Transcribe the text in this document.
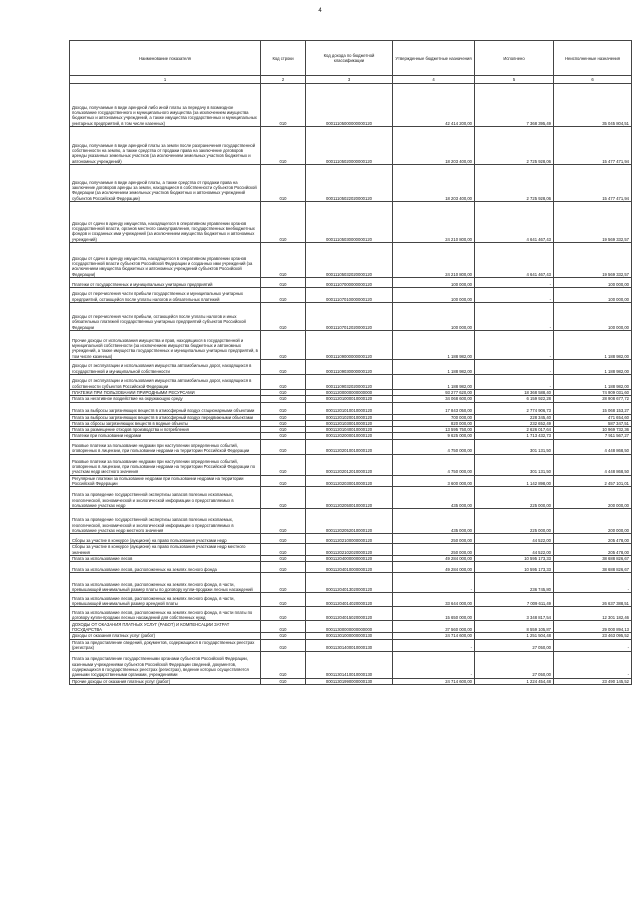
4
Наименование показателя	Код строки	Код дохода по бюджетной классификации	Утвержденные бюджетные назначения	Исполнено	Неисполненные назначения
1	2	3	4	5	6
Доходы, получаемые в виде арендной либо иной платы за передачу в возмездное пользование государственного и муниципального имущества (за исключением имущества бюджетных и автономных учреждений, а также имущества государственных и муниципальных унитарных предприятий, в том числе казенных)	010	00011105000000000120	42 414 200,00	7 368 395,49	35 045 804,51
Доходы, получаемые в виде арендной платы за земли после разграничения государственной собственности на землю, а также средства от продажи права на заключение договоров аренды указанных земельных участков (за исключением земельных участков бюджетных и автономных учреждений)	010	00011105020000000120	18 203 400,00	2 725 928,06	15 477 471,94
Доходы, получаемые в виде арендной платы, а также средства от продажи права на заключение договоров аренды за земли, находящиеся в собственности субъектов Российской Федерации (за исключением земельных участков бюджетных и автономных учреждений субъектов Российской Федерации)	010	00011105022020000120	18 203 400,00	2 725 928,06	15 477 471,94
Доходы от сдачи в аренду имущества, находящегося в оперативном управлении органов государственной власти, органов местного самоуправления, государственных внебюджетных фондов и созданных ими учреждений (за исключением имущества бюджетных и автономных учреждений)	010	00011105030000000120	24 210 800,00	4 641 467,43	19 569 332,57
Доходы от сдачи в аренду имущества, находящегося в оперативном управлении органов государственной власти субъектов Российской Федерации и созданных ими учреждений (за исключением имущества бюджетных и автономных учреждений субъектов Российской Федерации)	010	00011105032020000120	24 210 800,00	4 641 467,43	19 569 332,57
Платежи от государственных и муниципальных унитарных предприятий	010	00011107000000000120	100 000,00	-	100 000,00
Доходы от перечисления части прибыли государственных и муниципальных унитарных предприятий, остающейся после уплаты налогов и обязательных платежей	010	00011107010000000120	100 000,00	-	100 000,00
Доходы от перечисления части прибыли, остающейся после уплаты налогов и иных обязательных платежей государственных унитарных предприятий субъектов Российской Федерации	010	00011107012020000120	100 000,00	-	100 000,00
Прочие доходы от использования имущества и прав, находящихся в государственной и муниципальной собственности (за исключением имущества бюджетных и автономных учреждений, а также имущества государственных и муниципальных унитарных предприятий, в том числе казенных)	010	00011109000000000120	1 188 982,00	-	1 188 982,00
Доходы от эксплуатации и использования имущества автомобильных дорог, находящихся в государственной и муниципальной собственности	010	00011109030000000120	1 188 982,00	-	1 188 982,00
Доходы от эксплуатации и использования имущества автомобильных дорог, находящихся в собственности субъектов Российской Федерации	010	00011109032020000120	1 188 982,00	-	1 188 982,00
ПЛАТЕЖИ ПРИ ПОЛЬЗОВАНИИ ПРИРОДНЫМИ РЕСУРСАМИ	010	00011200000000000000	93 277 620,00	18 368 588,40	74 909 031,60
Плата за негативное воздействие на окружающую среду	010	00011201000010000120	34 068 600,00	6 159 922,28	28 908 677,72
Плата за выбросы загрязняющих веществ в атмосферный воздух стационарными объектами	010	00011201010010000120	17 843 050,00	2 774 906,73	15 068 153,27
Плата за выбросы загрязняющих веществ в атмосферный воздух передвижными объектами	010	00011201020010000120	700 000,00	228 345,40	471 654,60
Плата за сбросы загрязняющих веществ в водные объекты	010	00011201030010000120	820 000,00	232 652,49	587 347,51
Плата за размещение отходов производства и потребления	010	00011201040010000120	13 595 750,00	2 626 017,64	10 969 732,36
Платежи при пользовании недрами	010	00011202000010000120	9 625 000,00	1 713 432,73	7 911 567,27
Разовые платежи за пользование недрами при наступлении определенных событий, оговоренных в лицензии, при пользовании недрами на территории Российской Федерации	010	00011202010010000120	4 750 000,00	301 131,50	4 448 868,50
Разовые платежи за пользование недрами при наступлении определенных событий, оговоренных в лицензии, при пользовании недрами на территории Российской Федерации по участкам недр местного значения	010	00011202012010000120	4 750 000,00	301 131,50	4 448 868,50
Регулярные платежи за пользование недрами при пользовании недрами на территории Российской Федерации	010	00011202030010000120	3 600 000,00	1 142 898,00	2 457 101,01
Плата за проведение государственной экспертизы запасов полезных ископаемых, геологической, экономической и экологической информации о предоставляемых в пользование участках недр	010	00011202050010000120	435 000,00	225 000,00	200 000,00
Плата за проведение государственной экспертизы запасов полезных ископаемых, геологической, экономической и экологической информации о предоставляемых в пользование участках недр местного значения	010	00011202052010000120	435 000,00	225 000,00	200 000,00
Сборы за участие в конкурсе (аукционе) на право пользования участками недр	010	00011202100000000120	250 000,00	44 522,00	205 478,00
Сборы за участие в конкурсе (аукционе) на право пользования участками недр местного значения	010	00011202102020000120	250 000,00	44 522,00	205 478,00
Плата за использование лесов	010	00011204000000000120	49 284 000,00	10 595 173,33	38 688 826,67
Плата за использование лесов, расположенных на землях лесного фонда	010	00011204010000000120	49 284 000,00	10 595 173,33	38 688 826,67
Плата за использование лесов, расположенных на землях лесного фонда, в части, превышающей минимальный размер платы по договору купли-продажи лесных насаждений	010	00011204013020000120	-	236 745,80	-
Плата за использование лесов, расположенных на землях лесного фонда, в части, превышающей минимальный размер арендной платы	010	00011204014020000120	33 644 000,00	7 009 611,49	26 637 388,51
Плата за использование лесов, расположенных на землях лесного фонда, в части платы по договору купли-продажи лесных насаждений для собственных нужд	010	00011204015020000120	15 650 000,00	3 348 817,54	12 301 182,46
ДОХОДЫ ОТ ОКАЗАНИЯ ПЛАТНЫХ УСЛУГ (РАБОТ) И КОМПЕНСАЦИИ ЗАТРАТ ГОСУДАРСТВА	010	00011300000000000000	37 560 000,00	8 559 105,87	29 000 894,13
Доходы от оказания платных услуг (работ)	010	00011301000000000130	24 714 600,00	1 251 504,48	23 463 095,52
Плата за предоставление сведений, документов, содержащихся в государственных реестрах (регистрах)	010	00011301400010000130	-	27 050,00	-
Плата за предоставление государственными органами субъектов Российской Федерации, казенными учреждениями субъектов Российской Федерации сведений, документов, содержащихся в государственных реестрах (регистрах), ведение которых осуществляется данными государственными органами, учреждениями	010	00011301410010000130	-	27 050,00	-
Прочие доходы от оказания платных услуг (работ)	010	00011301990000000130	24 714 600,00	1 224 454,48	23 490 145,52
